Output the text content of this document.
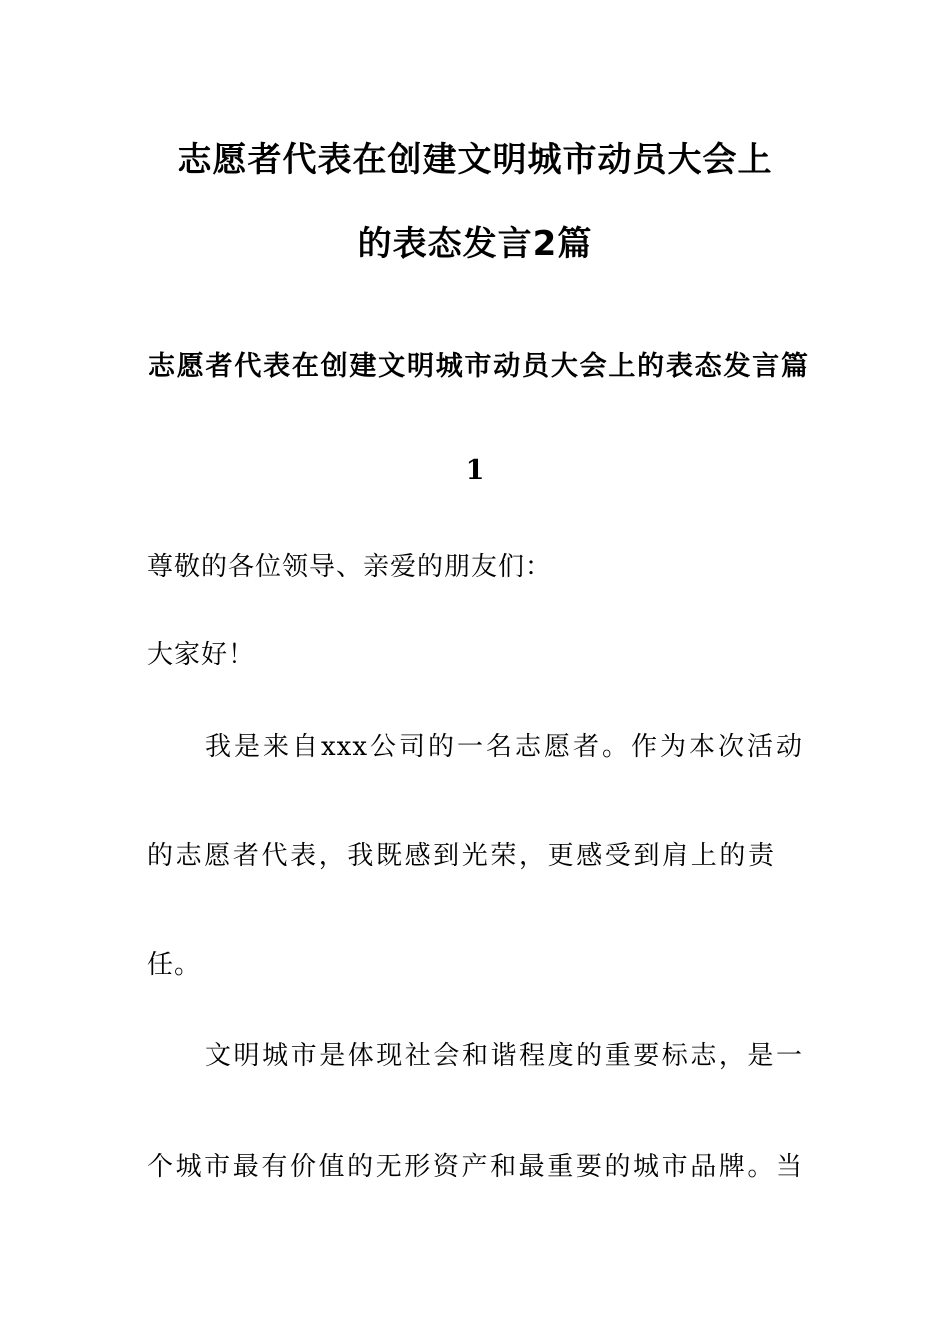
志愿者代表在创建文明城市动员大会上
的表态发言2篇
志愿者代表在创建文明城市动员大会上的表态发言篇
1
尊敬的各位领导、亲爱的朋友们：
大家好！
我是来自xxx公司的一名志愿者。作为本次活动
的志愿者代表，我既感到光荣，更感受到肩上的责
任。
文明城市是体现社会和谐程度的重要标志，是一
个城市最有价值的无形资产和最重要的城市品牌。当
